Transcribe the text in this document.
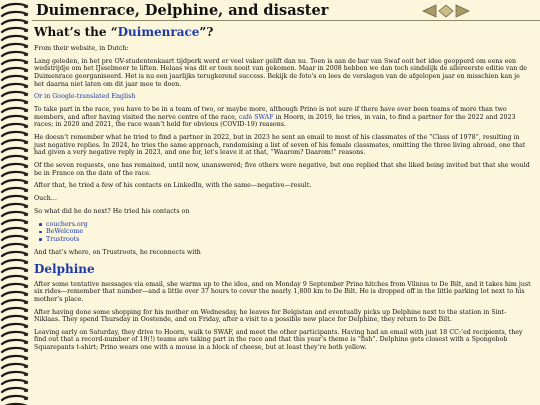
Duimenrace, Delphine, and disaster
What’s the “Duimenrace”?

From their website, in Dutch:

Lang geleden, in het pre OV-studentenkaart tijdperk werd er veel vaker gelift dan nu. Toen is aan de bar van Swaf ooit het idee geopperd om eens een wedstrijdje om het IJsselmeer te liften. Helaas was dit er toen nooit van gekomen. Maar in 2008 hebben we dan toch eindelijk de allereerste editie van de Duimenrace georganiseerd. Het is nu een jaarlijks terugkerend success. Bekijk de foto's en lees de verslagen van de afgelopen jaar en misschien kan je het daarna niet laten om dit jaar mee te doen.

Or in Google-translated English

To take part in the race, you have to be in a team of two, or maybe more, although Prino is not sure if there have ever been teams of more than two members, and after having visited the nerve centre of the race, café SWAF in Hoorn, in 2019, he tries, in vain, to find a partner for the 2022 and 2023 races; in 2020 and 2021, the race wasn’t held for obvious (COVID-19) reasons.

He doesn’t remember what he tried to find a partner in 2022, but in 2023 he sent an email to most of his classmates of the “Class of 1978”, resulting in just negative replies. In 2024, he tries the same approach, randomising a list of seven of his female classmates, omitting the three living abroad, one that had given a very negative reply in 2023, and one for, let’s leave it at that, “Waarom? Daarom!” reasons.

Of the seven requests, one has remained, until now, unanswered; five others were negative, but one replied that she liked being invited but that she would be in France on the date of the race.

After that, he tried a few of his contacts on LinkedIn, with the same—negative—result.

Ouch…

So what did he do next? He tried his contacts on

couchers.org
BeWelcome
Trustroots

And that’s where, on Trustroots, he reconnects with

Delphine

After some tentative messages via email, she warms up to the idea, and on Monday 9 September Prino hitches from Vilnius to De Bilt, and it takes him just six rides—remember that number—and a little over 37 hours to cover the nearly 1,800 km to De Bilt. He is dropped off in the little parking lot next to his mother’s place.

After having done some shopping for his mother on Wednesday, he leaves for Belgistan and eventually picks up Delphine next to the station in Sint-Niklaas. They spend Thursday in Oostende, and on Friday, after a visit to a possible new place for Delphine, they return to De Bilt.

Leaving early on Saturday, they drive to Hoorn, walk to SWAF, and meet the other participants. Having had an email with just 18 CC:’ed recipients, they find out that a record-number of 19(!) teams are taking part in the race and that this year’s theme is “fish”. Delphine gets closest with a Spongebob Squarepants t-shirt; Prino wears one with a mouse in a block of cheese, but at least they’re both yellow.
